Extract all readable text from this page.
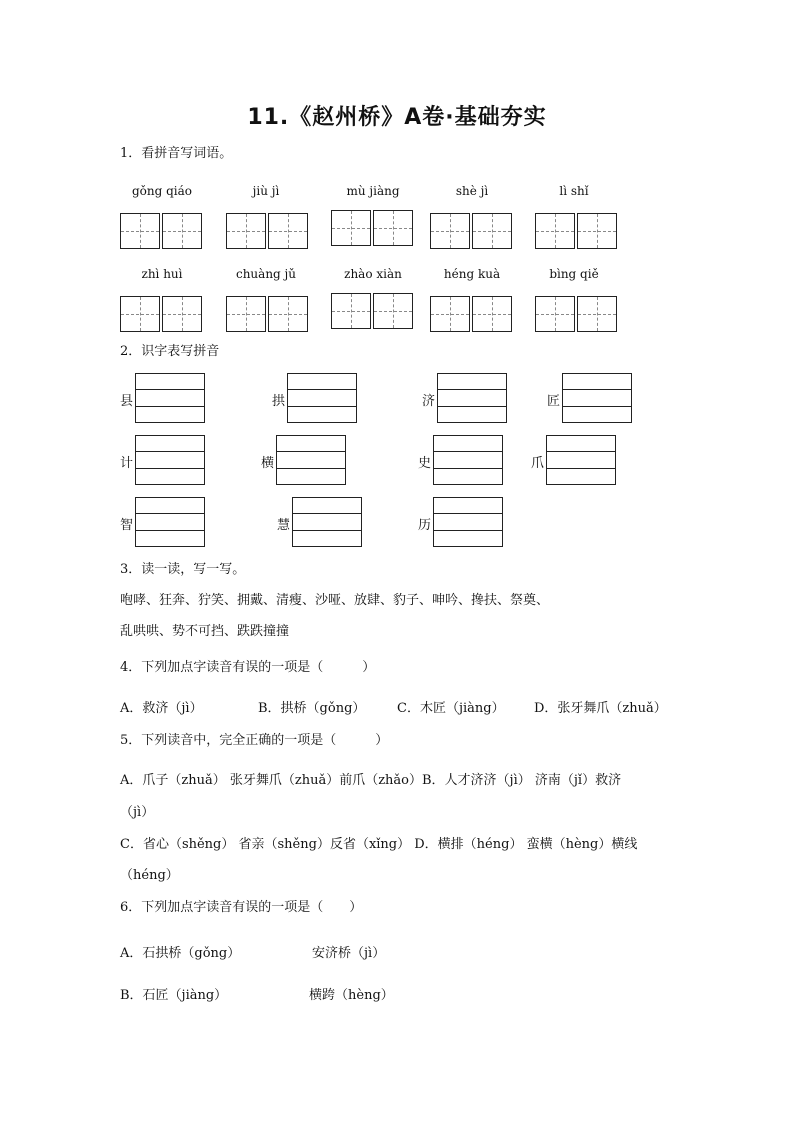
11.《赵州桥》A卷·基础夯实
1．看拼音写词语。
gǒng qiáo	jiù jì	mù jiàng	shè jì	lì shǐ
zhì huì	chuàng jǔ	zhào xiàn	héng kuà	bìng qiě
2．识字表写拼音
县	拱	济	匠
计	横	史	爪
智	慧	历
3．读一读，写一写。
咆哮、狂奔、狞笑、拥戴、清瘦、沙哑、放肆、豹子、呻吟、搀扶、祭奠、
乱哄哄、势不可挡、跌跌撞撞
4．下列加点字读音有误的一项是（　　　）
A．救济（jì）	B．拱桥（gǒng） C．木匠（jiàng） D．张牙舞爪（zhuǎ）
5．下列读音中，完全正确的一项是（　　　）
A．爪子（zhuǎ） 张牙舞爪（zhuǎ）前爪（zhǎo）B．人才济济（jì） 济南（jǐ）救济
（jì）
C．省心（shěng） 省亲（shěng）反省（xǐng） D．横排（héng） 蛮横（hèng）横线
（héng）
6．下列加点字读音有误的一项是（　　）
A．石拱桥（gǒng）	安济桥（jì）
B．石匠（jiàng）	横跨（hèng）
